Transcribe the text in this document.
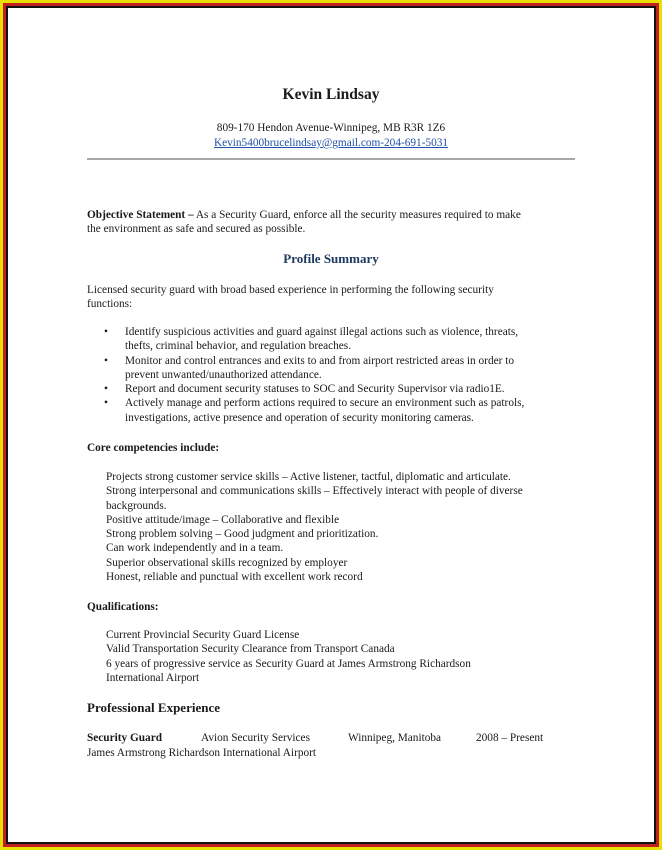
Kevin Lindsay
809-170 Hendon Avenue-Winnipeg, MB R3R 1Z6
Kevin5400brucelindsay@gmail.com-204-691-5031
Objective Statement – As a Security Guard, enforce all the security measures required to make
the environment as safe and secured as possible.
Profile Summary
Licensed security guard with broad based experience in performing the following security
functions:
• Identify suspicious activities and guard against illegal actions such as violence, threats,
thefts, criminal behavior, and regulation breaches.
• Monitor and control entrances and exits to and from airport restricted areas in order to
prevent unwanted/unauthorized attendance.
• Report and document security statuses to SOC and Security Supervisor via radio1E.
• Actively manage and perform actions required to secure an environment such as patrols,
investigations, active presence and operation of security monitoring cameras.
Core competencies include:
Projects strong customer service skills – Active listener, tactful, diplomatic and articulate.
Strong interpersonal and communications skills – Effectively interact with people of diverse
backgrounds.
Positive attitude/image – Collaborative and flexible
Strong problem solving – Good judgment and prioritization.
Can work independently and in a team.
Superior observational skills recognized by employer
Honest, reliable and punctual with excellent work record
Qualifications:
Current Provincial Security Guard License
Valid Transportation Security Clearance from Transport Canada
6 years of progressive service as Security Guard at James Armstrong Richardson
International Airport
Professional Experience
Security Guard	Avion Security Services	Winnipeg, Manitoba	2008 – Present
James Armstrong Richardson International Airport
